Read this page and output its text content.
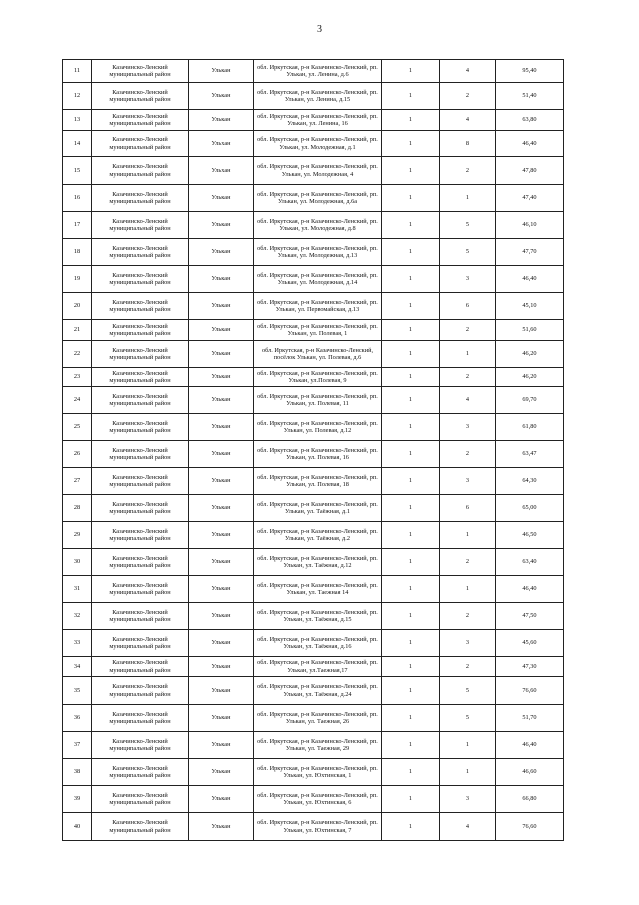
3
11	Казачинско-Ленский муниципальный район	Улькан	обл. Иркутская, р-н Казачинско-Ленский, рп. Улькан, ул. Ленина, д.6	1	4	95,40
12	Казачинско-Ленский муниципальный район	Улькан	обл. Иркутская, р-н Казачинско-Ленский, рп. Улькан, ул. Ленина, д.15	1	2	51,40
13	Казачинско-Ленский муниципальный район	Улькан	обл. Иркутская, р-н Казачинско-Ленский, рп. Улькан, ул. Ленина, 16	1	4	63,80
14	Казачинско-Ленский муниципальный район	Ульхан	обл. Иркутская, р-н Казачинско-Ленский, рп. Улькан, ул. Молодежная, д.1	1	8	46,40
15	Казачинско-Ленский муниципальный район	Ульхан	обл. Иркутская, р-н Казачинско-Ленский, рп. Улькан, ул. Молодежная, 4	1	2	47,80
16	Казачинско-Ленский муниципальный район	Улькан	обл. Иркутская, р-н Казачинско-Ленский, рп. Улькан, ул. Молодежная, д.6а	1	1	47,40
17	Казачинско-Ленский муниципальный район	Улькан	обл. Иркутская, р-н Казачинско-Ленский, рп. Улькан, ул. Молодежная, д.8	1	5	46,10
18	Казачинско-Ленский муниципальный район	Улькан	обл. Иркутская, р-н Казачинско-Ленский, рп. Улькан, ул. Молодежная, д.13	1	5	47,70
19	Казачинско-Ленский муниципальный район	Улькан	обл. Иркутская, р-н Казачинско-Ленский, рп. Улькан, ул. Молодежная, д.14	1	3	46,40
20	Казачинско-Ленский муниципальный район	Улькан	обл. Иркутская, р-н Казачинско-Ленский, рп. Улькан, ул. Первомайская, д.13	1	6	45,10
21	Казачинско-Ленский муниципальный район	Улькан	обл. Иркутская, р-н Казачинско-Ленский, рп. Улькан, ул. Полевая, 1	1	2	51,60
22	Казачинско-Ленский муниципальный район	Улькан	обл. Иркутская, р-н Казачинско-Ленский, посёлок Улькан, ул. Полевая, д.6	1	1	46,20
23	Казачинско-Ленский муниципальный район	Улькан	обл. Иркутская, р-н Казачинско-Ленский, рп. Улькан, ул.Полевая, 9	1	2	46,20
24	Казачинско-Ленский муниципальный район	Улькан	обл. Иркутская, р-н Казачинско-Ленский, рп. Улькан, ул. Полевая, 11	1	4	69,70
25	Казачинско-Ленский муниципальный район	Улькан	обл. Иркутская, р-н Казачинско-Ленский, рп. Улькан, ул. Полевая, д.12	1	3	61,80
26	Казачинско-Ленский муниципальный район	Улькан	обл. Иркутская, р-н Казачинско-Ленский, рп. Улькан, ул. Полевая, 16	1	2	63,47
27	Казачинско-Ленский муниципальный район	Улькан	обл. Иркутская, р-н Казачинско-Ленский, рп. Улькан, ул. Полевая, 18	1	3	64,30
28	Казачинско-Ленский муниципальный район	Улькан	обл. Иркутская, р-н Казачинско-Ленский, рп. Улькан, ул. Таёжная, д.1	1	6	65,00
29	Казачинско-Ленский муниципальный район	Улькан	обл. Иркутская, р-н Казачинско-Ленский, рп. Улькан, ул. Таёжная, д.2	1	1	46,50
30	Казачинско-Ленский муниципальный район	Улькан	обл. Иркутская, р-н Казачинско-Ленский, рп. Улькан, ул. Таёжная, д.12	1	2	63,40
31	Казачинско-Ленский муниципальный район	Улькан	обл. Иркутская, р-н Казачинско-Ленский, рп. Улькан, ул. Таежная 14	1	1	46,40
32	Казачинско-Ленский муниципальный район	Улькан	обл. Иркутская, р-н Казачинско-Ленский, рп. Улькан, ул. Таёжная, д.15	1	2	47,50
33	Казачинско-Ленский муниципальный район	Улькан	обл. Иркутская, р-н Казачинско-Ленский, рп. Улькан, ул. Таёжная, д.16	1	3	45,60
34	Казачинско-Ленский муниципальный район	Улькан	обл. Иркутская, р-н Казачинско-Ленский, рп. Улькан, ул.Таежная,17	1	2	47,30
35	Казачинско-Ленский муниципальный район	Улькан	обл. Иркутская, р-н Казачинско-Ленский, рп. Улькан, ул. Таёжная, д.24	1	5	76,60
36	Казачинско-Ленский муниципальный район	Улькан	обл. Иркутская, р-н Казачинско-Ленский, рп. Улькан, ул. Таежная, 26	1	5	51,70
37	Казачинско-Ленский муниципальный район	Улькан	обл. Иркутская, р-н Казачинско-Ленский, рп. Улькан, ул. Таежная, 29	1	1	46,40
38	Казачинско-Ленский муниципальный район	Улькан	обл. Иркутская, р-н Казачинско-Ленский, рп. Улькан, ул. Юхтинская, 1	1	1	46,60
39	Казачинско-Ленский муниципальный район	Улькан	обл. Иркутская, р-н Казачинско-Ленский, рп. Улькан, ул. Юхтинская, 6	1	3	66,80
40	Казачинско-Ленский муниципальный район	Улькан	обл. Иркутская, р-н Казачинско-Ленский, рп. Улькан, ул. Юхтинская, 7	1	4	76,60
